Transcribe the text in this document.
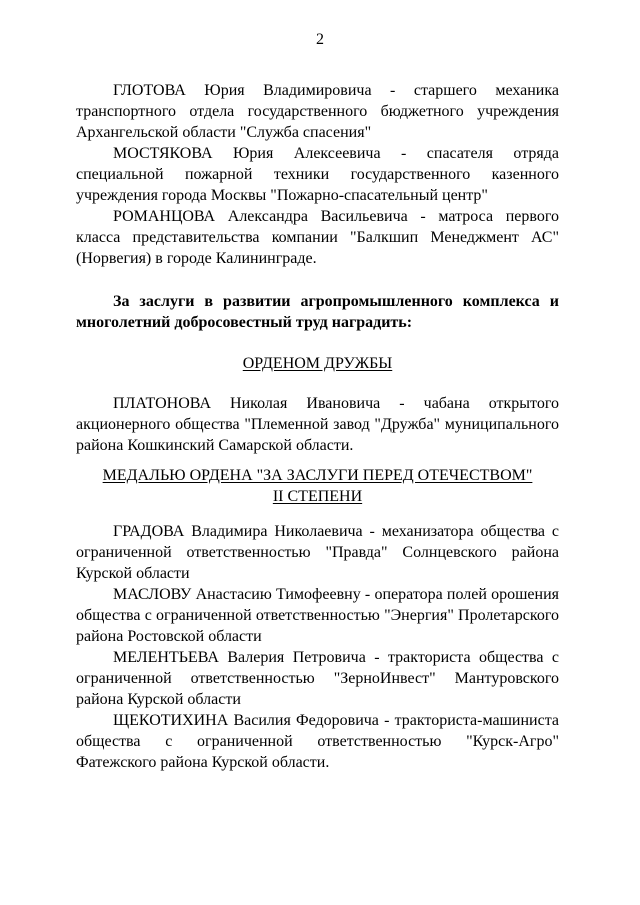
2

ГЛОТОВА Юрия Владимировича - старшего механика транспортного отдела государственного бюджетного учреждения Архангельской области "Служба спасения"

МОСТЯКОВА Юрия Алексеевича - спасателя отряда специальной пожарной техники государственного казенного учреждения города Москвы "Пожарно-спасательный центр"

РОМАНЦОВА Александра Васильевича - матроса первого класса представительства компании "Балкшип Менеджмент АС" (Норвегия) в городе Калининграде.

За заслуги в развитии агропромышленного комплекса и многолетний добросовестный труд наградить:

ОРДЕНОМ ДРУЖБЫ

ПЛАТОНОВА Николая Ивановича - чабана открытого акционерного общества "Племенной завод "Дружба" муниципального района Кошкинский Самарской области.

МЕДАЛЬЮ ОРДЕНА "ЗА ЗАСЛУГИ ПЕРЕД ОТЕЧЕСТВОМ"

II СТЕПЕНИ

ГРАДОВА Владимира Николаевича - механизатора общества с ограниченной ответственностью "Правда" Солнцевского района Курской области

МАСЛОВУ Анастасию Тимофеевну - оператора полей орошения общества с ограниченной ответственностью "Энергия" Пролетарского района Ростовской области

МЕЛЕНТЬЕВА Валерия Петровича - тракториста общества с ограниченной ответственностью "ЗерноИнвест" Мантуровского района Курской области

ЩЕКОТИХИНА Василия Федоровича - тракториста-машиниста общества с ограниченной ответственностью "Курск-Агро" Фатежского района Курской области.
